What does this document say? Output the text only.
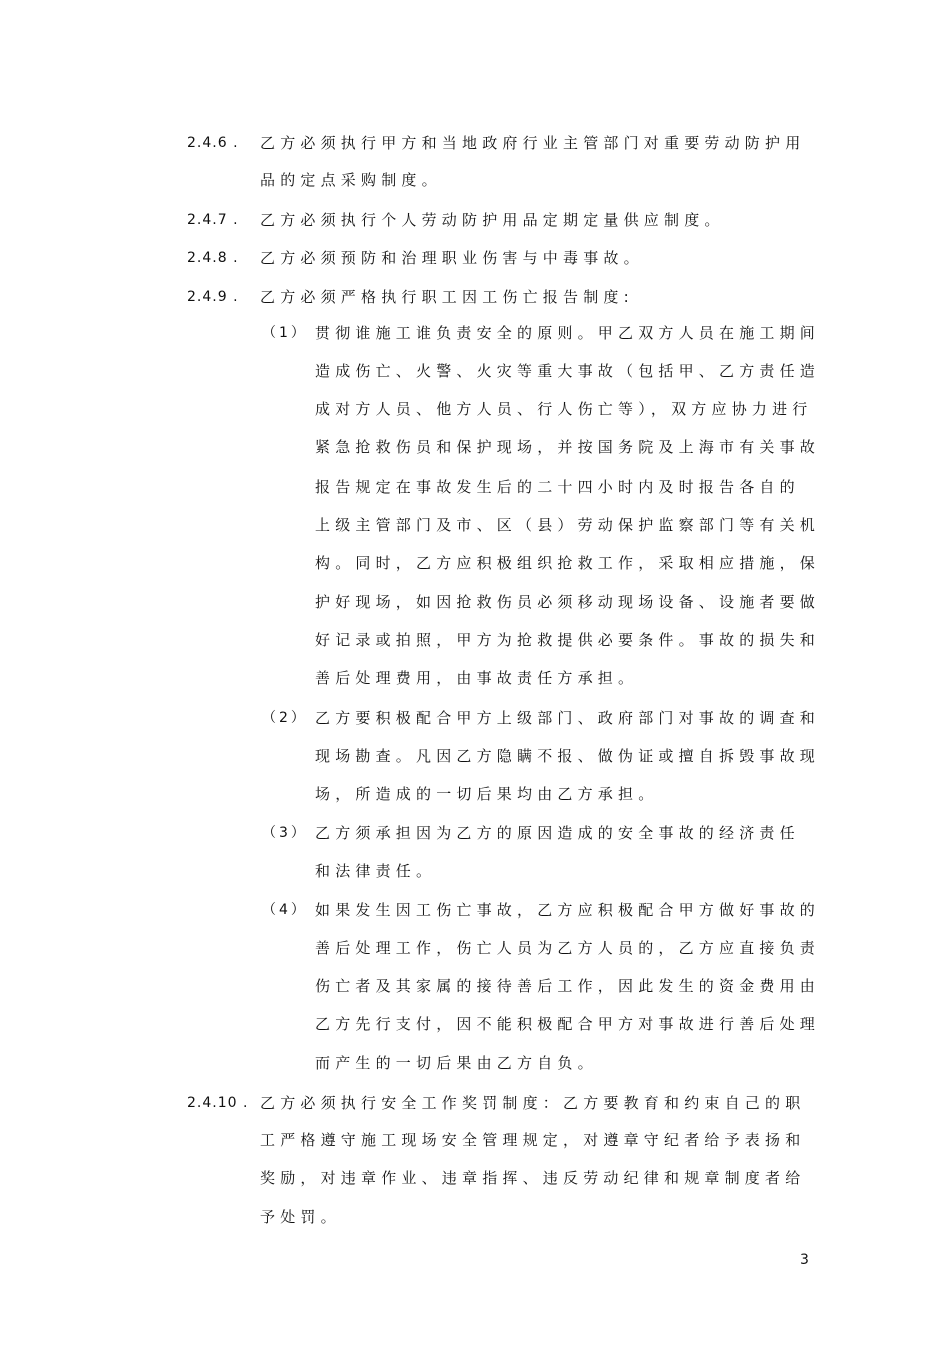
2.4.6 . 乙方必须执行甲方和当地政府行业主管部门对重要劳动防护用
品的定点采购制度。
2.4.7 . 乙方必须执行个人劳动防护用品定期定量供应制度。
2.4.8 . 乙方必须预防和治理职业伤害与中毒事故。
2.4.9 . 乙方必须严格执行职工因工伤亡报告制度:
（1） 贯彻谁施工谁负责安全的原则。甲乙双方人员在施工期间
造成伤亡、火警、火灾等重大事故（包括甲、乙方责任造
成对方人员、他方人员、行人伤亡等），双方应协力进行
紧急抢救伤员和保护现场，并按国务院及上海市有关事故
报告规定在事故发生后的二十四小时内及时报告各自的
上级主管部门及市、区（县）劳动保护监察部门等有关机
构。同时，乙方应积极组织抢救工作，采取相应措施，保
护好现场，如因抢救伤员必须移动现场设备、设施者要做
好记录或拍照，甲方为抢救提供必要条件。事故的损失和
善后处理费用，由事故责任方承担。
（2） 乙方要积极配合甲方上级部门、政府部门对事故的调查和
现场勘查。凡因乙方隐瞒不报、做伪证或擅自拆毁事故现
场，所造成的一切后果均由乙方承担。
（3） 乙方须承担因为乙方的原因造成的安全事故的经济责任
和法律责任。
（4） 如果发生因工伤亡事故，乙方应积极配合甲方做好事故的
善后处理工作，伤亡人员为乙方人员的，乙方应直接负责
伤亡者及其家属的接待善后工作，因此发生的资金费用由
乙方先行支付，因不能积极配合甲方对事故进行善后处理
而产生的一切后果由乙方自负。
2.4.10 . 乙方必须执行安全工作奖罚制度：乙方要教育和约束自己的职
工严格遵守施工现场安全管理规定，对遵章守纪者给予表扬和
奖励，对违章作业、违章指挥、违反劳动纪律和规章制度者给
予处罚。
3
